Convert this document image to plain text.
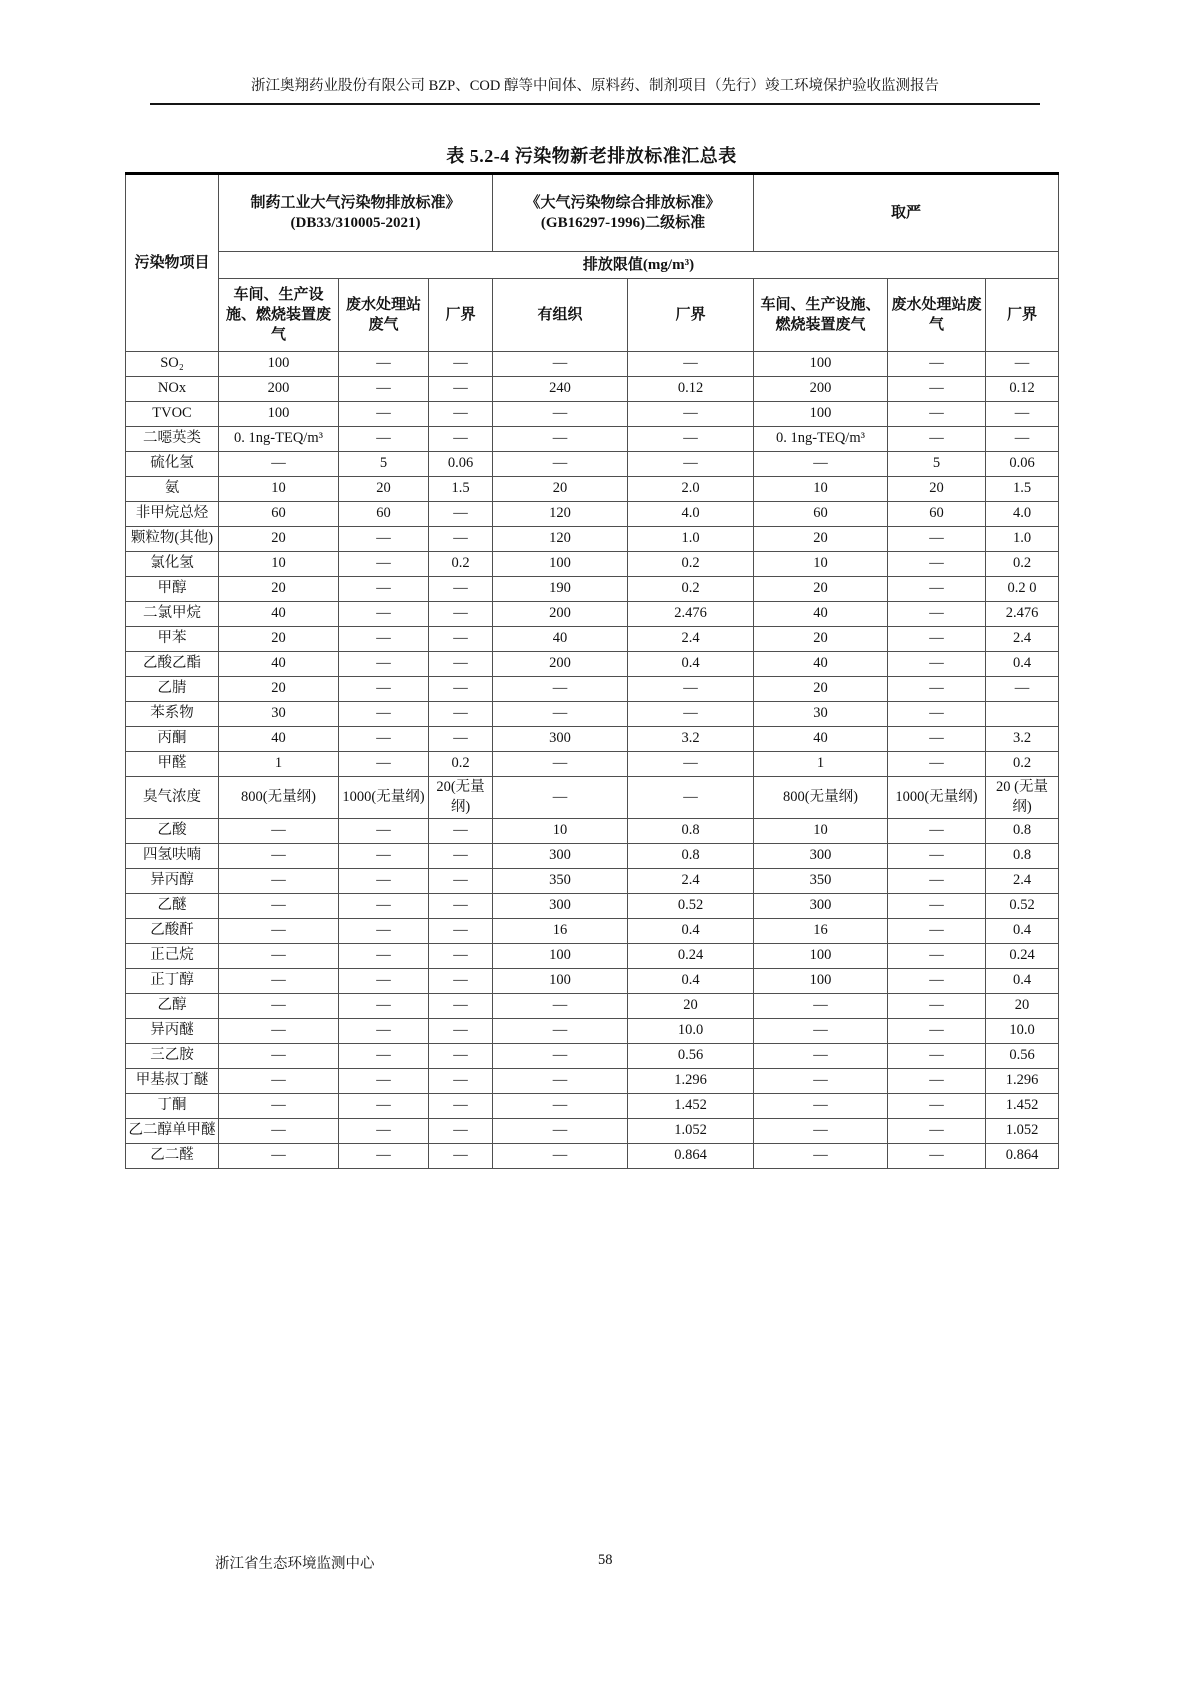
浙江奥翔药业股份有限公司 BZP、COD 醇等中间体、原料药、制剂项目（先行）竣工环境保护验收监测报告
表 5.2-4 污染物新老排放标准汇总表
污染物项目	制药工业大气污染物排放标准》(DB33/310005-2021)			《大气污染物综合排放标准》(GB16297-1996)二级标准		取严		
	排放限值(mg/m³)							
	车间、生产设施、燃烧装置废气	废水处理站废气	厂界	有组织	厂界	车间、生产设施、燃烧装置废气	废水处理站废气	厂界
SO₂	100	—	—	—	—	100	—	—
NOx	200	—	—	240	0.12	200	—	0.12
TVOC	100	—	—	—	—	100	—	—
二噁英类	0. 1ng-TEQ/m³	—	—	—	—	0. 1ng-TEQ/m³	—	—
硫化氢	—	5	0.06	—	—	—	5	0.06
氨	10	20	1.5	20	2.0	10	20	1.5
非甲烷总烃	60	60	—	120	4.0	60	60	4.0
颗粒物(其他)	20	—	—	120	1.0	20	—	1.0
氯化氢	10	—	0.2	100	0.2	10	—	0.2
甲醇	20	—	—	190	0.2	20	—	0.2 0
二氯甲烷	40	—	—	200	2.476	40	—	2.476
甲苯	20	—	—	40	2.4	20	—	2.4
乙酸乙酯	40	—	—	200	0.4	40	—	0.4
乙腈	20	—	—	—	—	20	—	—
苯系物	30	—	—	—	—	30	—	
丙酮	40	—	—	300	3.2	40	—	3.2
甲醛	1	—	0.2	—	—	1	—	0.2
臭气浓度	800(无量纲)	1000(无量纲)	20(无量纲)	—	—	800(无量纲)	1000(无量纲)	20 (无量纲)
乙酸	—	—	—	10	0.8	10	—	0.8
四氢呋喃	—	—	—	300	0.8	300	—	0.8
异丙醇	—	—	—	350	2.4	350	—	2.4
乙醚	—	—	—	300	0.52	300	—	0.52
乙酸酐	—	—	—	16	0.4	16	—	0.4
正己烷	—	—	—	100	0.24	100	—	0.24
正丁醇	—	—	—	100	0.4	100	—	0.4
乙醇	—	—	—	—	20	—	—	20
异丙醚	—	—	—	—	10.0	—	—	10.0
三乙胺	—	—	—	—	0.56	—	—	0.56
甲基叔丁醚	—	—	—	—	1.296	—	—	1.296
丁酮	—	—	—	—	1.452	—	—	1.452
乙二醇单甲醚	—	—	—	—	1.052	—	—	1.052
乙二醛	—	—	—	—	0.864	—	—	0.864
浙江省生态环境监测中心	58
